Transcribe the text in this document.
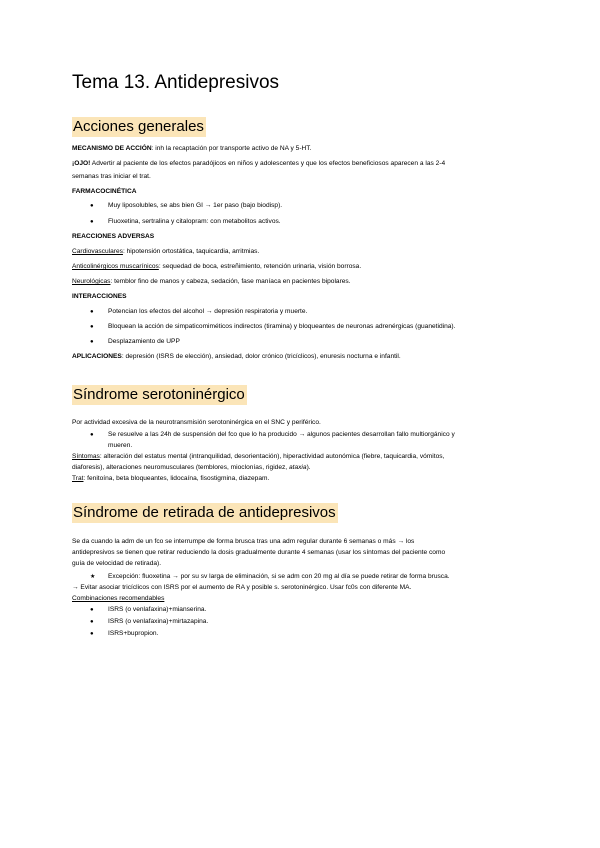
Tema 13. Antidepresivos
Acciones generales
MECANISMO DE ACCIÓN: inh la recaptación por transporte activo de NA y 5-HT.
¡OJO! Advertir al paciente de los efectos paradójicos en niños y adolescentes y que los efectos beneficiosos aparecen a las 2-4
semanas tras iniciar el trat.
FARMACOCINÉTICA
● Muy liposolubles, se abs bien GI → 1er paso (bajo biodisp).
● Fluoxetina, sertralina y citalopram: con metabolitos activos.
REACCIONES ADVERSAS
Cardiovasculares: hipotensión ortostática, taquicardia, arritmias.
Anticolinérgicos muscarínicos: sequedad de boca, estreñimiento, retención urinaria, visión borrosa.
Neurológicas: temblor fino de manos y cabeza, sedación, fase maníaca en pacientes bipolares.
INTERACCIONES
● Potencian los efectos del alcohol → depresión respiratoria y muerte.
● Bloquean la acción de simpaticomiméticos indirectos (tiramina) y bloqueantes de neuronas adrenérgicas (guanetidina).
● Desplazamiento de UPP
APLICACIONES: depresión (ISRS de elección), ansiedad, dolor crónico (tricíclicos), enuresis nocturna e infantil.
Síndrome serotoninérgico
Por actividad excesiva de la neurotransmisión serotoninérgica en el SNC y periférico.
● Se resuelve a las 24h de suspensión del fco que lo ha producido → algunos pacientes desarrollan fallo multiorgánico y
mueren.
Síntomas: alteración del estatus mental (intranquilidad, desorientación), hiperactividad autonómica (fiebre, taquicardia, vómitos,
diaforesis), alteraciones neuromusculares (temblores, mioclonías, rigidez, ataxia).
Trat: fenitoína, beta bloqueantes, lidocaína, fisostigmina, diazepam.
Síndrome de retirada de antidepresivos
Se da cuando la adm de un fco se interrumpe de forma brusca tras una adm regular durante 6 semanas o más → los
antidepresivos se tienen que retirar reduciendo la dosis gradualmente durante 4 semanas (usar los síntomas del paciente como
guía de velocidad de retirada).
★ Excepción: fluoxetina → por su sv larga de eliminación, si se adm con 20 mg al día se puede retirar de forma brusca.
→ Evitar asociar tricíclicos con ISRS por el aumento de RA y posible s. serotoninérgico. Usar fc0s con diferente MA.
Combinaciones recomendables
● ISRS (o venlafaxina)+mianserina.
● ISRS (o venlafaxina)+mirtazapina.
● ISRS+bupropion.
